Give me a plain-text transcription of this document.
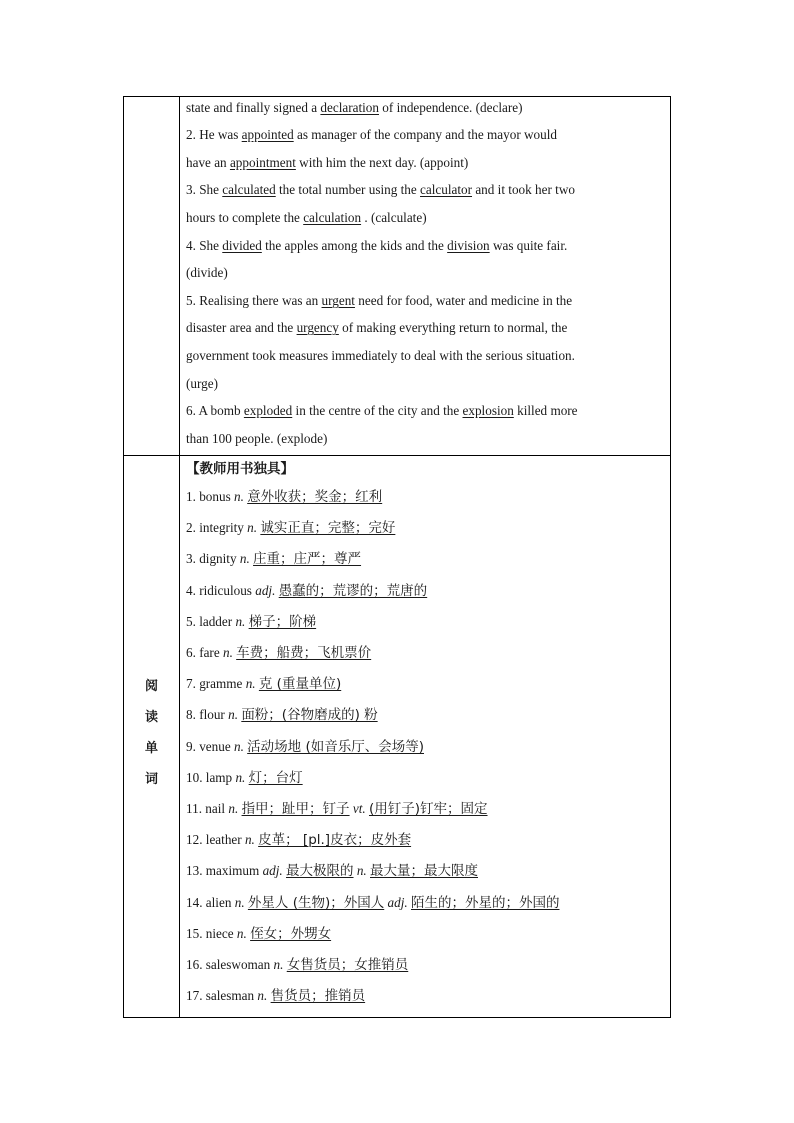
state and finally signed a declaration of independence. (declare)
2. He was appointed as manager of the company and the mayor would
have an appointment with him the next day. (appoint)
3. She calculated the total number using the calculator and it took her two
hours to complete the calculation . (calculate)
4. She divided the apples among the kids and the division was quite fair.
(divide)
5. Realising there was an urgent need for food, water and medicine in the
disaster area and the urgency of making everything return to normal, the
government took measures immediately to deal with the serious situation.
(urge)
6. A bomb exploded in the centre of the city and the explosion killed more
than 100 people. (explode)
阅
读
单
词
【教师用书独具】
1. bonus n. 意外收获；奖金；红利
2. integrity n. 诚实正直；完整；完好
3. dignity n. 庄重；庄严；尊严
4. ridiculous adj. 愚蠢的；荒谬的；荒唐的
5. ladder n. 梯子；阶梯
6. fare n. 车费；船费；飞机票价
7. gramme n. 克 (重量单位)
8. flour n. 面粉；(谷物磨成的) 粉
9. venue n. 活动场地 (如音乐厅、会场等)
10. lamp n. 灯；台灯
11. nail n. 指甲；趾甲；钉子 vt. (用钉子)钉牢；固定
12. leather n. 皮革； [pl.]皮衣；皮外套
13. maximum adj. 最大极限的 n. 最大量；最大限度
14. alien n. 外星人 (生物)；外国人 adj. 陌生的；外星的；外国的
15. niece n. 侄女；外甥女
16. saleswoman n. 女售货员；女推销员
17. salesman n. 售货员；推销员
